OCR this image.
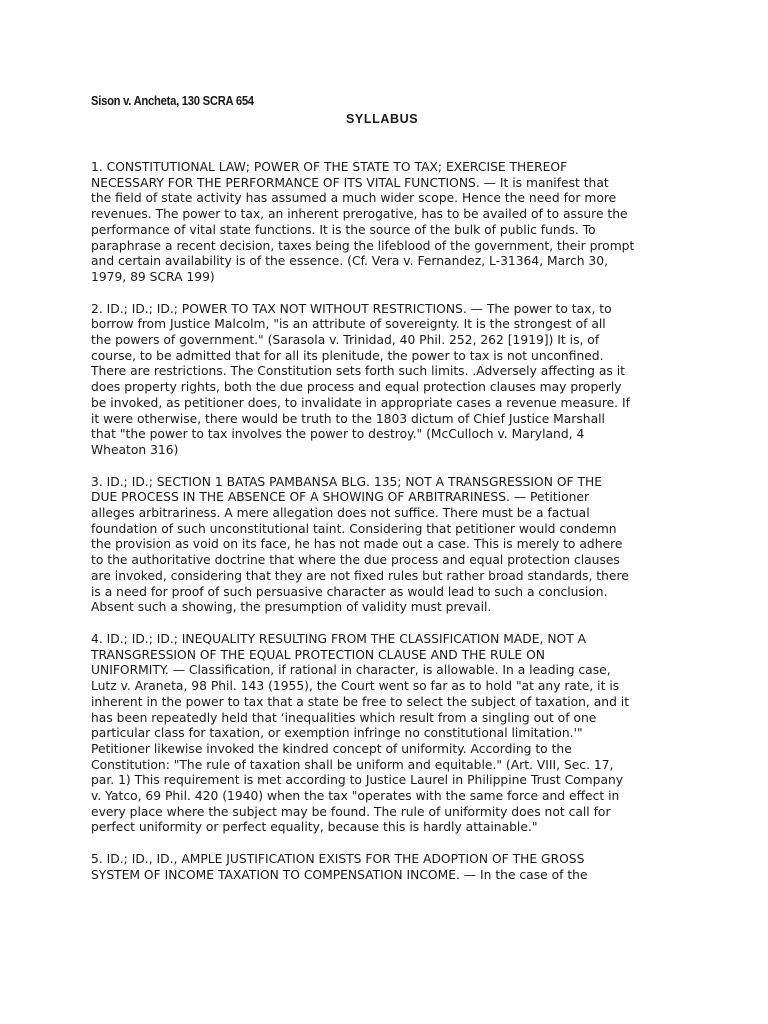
Sison v. Ancheta, 130 SCRA 654
SYLLABUS

1. CONSTITUTIONAL LAW; POWER OF THE STATE TO TAX; EXERCISE THEREOF
NECESSARY FOR THE PERFORMANCE OF ITS VITAL FUNCTIONS. — It is manifest that
the field of state activity has assumed a much wider scope. Hence the need for more
revenues. The power to tax, an inherent prerogative, has to be availed of to assure the
performance of vital state functions. It is the source of the bulk of public funds. To
paraphrase a recent decision, taxes being the lifeblood of the government, their prompt
and certain availability is of the essence. (Cf. Vera v. Fernandez, L-31364, March 30,
1979, 89 SCRA 199)

2. ID.; ID.; ID.; POWER TO TAX NOT WITHOUT RESTRICTIONS. — The power to tax, to
borrow from Justice Malcolm, "is an attribute of sovereignty. It is the strongest of all
the powers of government." (Sarasola v. Trinidad, 40 Phil. 252, 262 [1919]) It is, of
course, to be admitted that for all its plenitude, the power to tax is not unconfined.
There are restrictions. The Constitution sets forth such limits. .Adversely affecting as it
does property rights, both the due process and equal protection clauses may properly
be invoked, as petitioner does, to invalidate in appropriate cases a revenue measure. If
it were otherwise, there would be truth to the 1803 dictum of Chief Justice Marshall
that "the power to tax involves the power to destroy." (McCulloch v. Maryland, 4
Wheaton 316)

3. ID.; ID.; SECTION 1 BATAS PAMBANSA BLG. 135; NOT A TRANSGRESSION OF THE
DUE PROCESS IN THE ABSENCE OF A SHOWING OF ARBITRARINESS. — Petitioner
alleges arbitrariness. A mere allegation does not suffice. There must be a factual
foundation of such unconstitutional taint. Considering that petitioner would condemn
the provision as void on its face, he has not made out a case. This is merely to adhere
to the authoritative doctrine that where the due process and equal protection clauses
are invoked, considering that they are not fixed rules but rather broad standards, there
is a need for proof of such persuasive character as would lead to such a conclusion.
Absent such a showing, the presumption of validity must prevail.

4. ID.; ID.; ID.; INEQUALITY RESULTING FROM THE CLASSIFICATION MADE, NOT A
TRANSGRESSION OF THE EQUAL PROTECTION CLAUSE AND THE RULE ON
UNIFORMITY. — Classification, if rational in character, is allowable. In a leading case,
Lutz v. Araneta, 98 Phil. 143 (1955), the Court went so far as to hold "at any rate, it is
inherent in the power to tax that a state be free to select the subject of taxation, and it
has been repeatedly held that ‘inequalities which result from a singling out of one
particular class for taxation, or exemption infringe no constitutional limitation.'"
Petitioner likewise invoked the kindred concept of uniformity. According to the
Constitution: "The rule of taxation shall be uniform and equitable." (Art. VIII, Sec. 17,
par. 1) This requirement is met according to Justice Laurel in Philippine Trust Company
v. Yatco, 69 Phil. 420 (1940) when the tax "operates with the same force and effect in
every place where the subject may be found. The rule of uniformity does not call for
perfect uniformity or perfect equality, because this is hardly attainable."

5. ID.; ID., ID., AMPLE JUSTIFICATION EXISTS FOR THE ADOPTION OF THE GROSS
SYSTEM OF INCOME TAXATION TO COMPENSATION INCOME. — In the case of the
